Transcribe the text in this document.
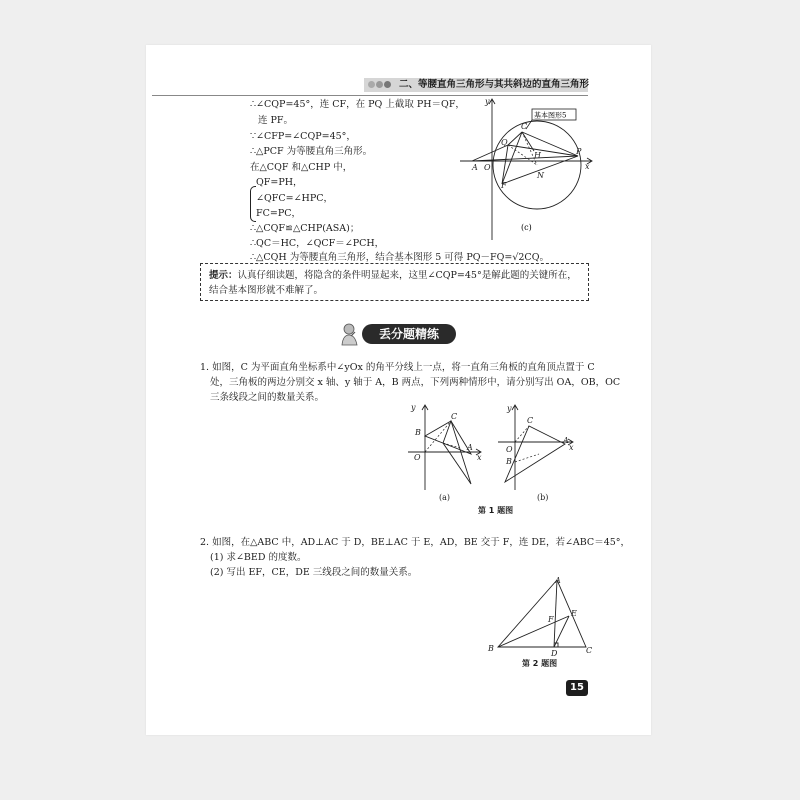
二、等腰直角三角形与其共斜边的直角三角形
∴∠CQP=45°，连 CF，在 PQ 上截取 PH＝QF，
连 PF。
∵∠CFP=∠CQP=45°，
∴△PCF 为等腰直角三角形。
在△CQF 和△CHP 中，
QF=PH，
∠QFC=∠HPC，
FC=PC，
∴△CQF≌△CHP(ASA)；
∴QC＝HC，∠QCF＝∠PCH，
∴△CQH 为等腰直角三角形，结合基本图形 5 可得 PQ－FQ=√2CQ。
基本图形5
y
x
C
Q
H	P
A O
F
N
(c)
提示：认真仔细读题，将隐含的条件明显起来，这里∠CQP=45°是解此题的关键所在，结合基本图形就不难解了。
丢分题精练
1. 如图，C 为平面直角坐标系中∠yOx 的角平分线上一点，将一直角三角板的直角顶点置于 C
处，三角板的两边分别交 x 轴、y 轴于 A，B 两点，下列两种情形中，请分别写出 OA，OB，OC
三条线段之间的数量关系。
y
x
C
B
A
O
(a)
y
x
C
B
A
O
(b)
第 1 题图
2. 如图，在△ABC 中，AD⊥AC 于 D，BE⊥AC 于 E，AD，BE 交于 F，连 DE，若∠ABC＝45°，
(1) 求∠BED 的度数。
(2) 写出 EF，CE，DE 三线段之间的数量关系。
A
E
F
B
D	C
第 2 题图
15
